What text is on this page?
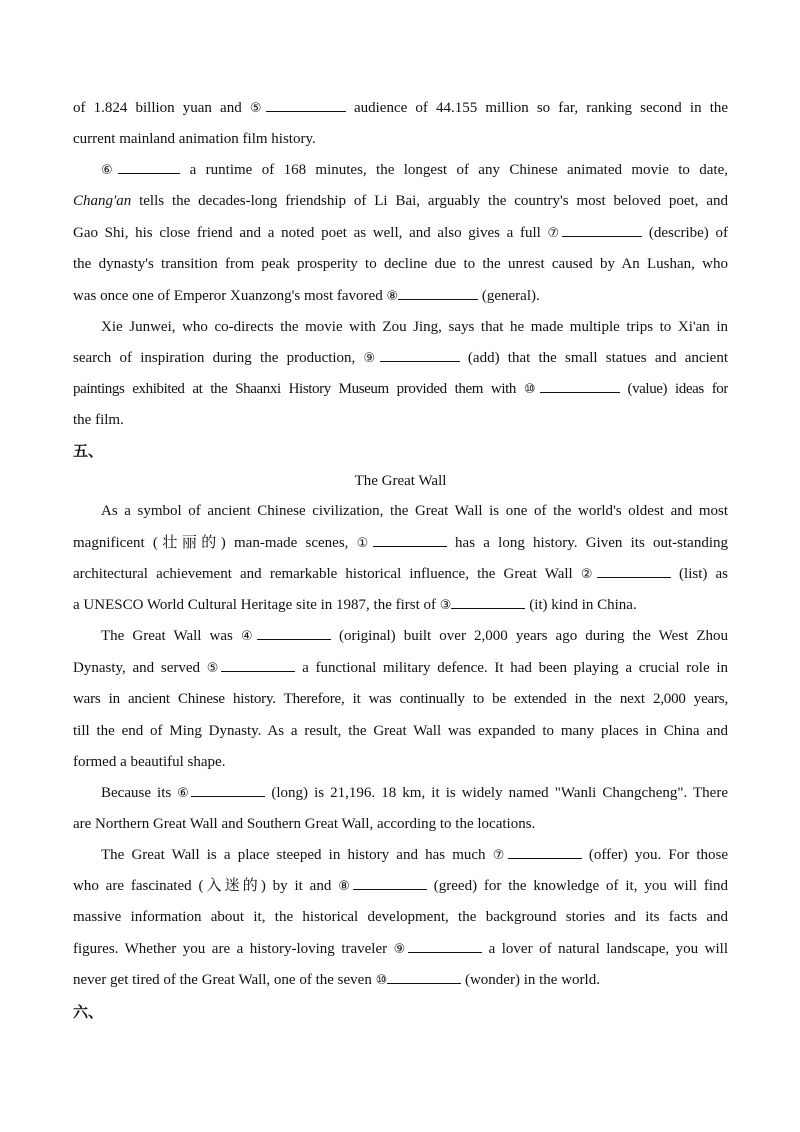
of 1.824 billion yuan and ⑤	audience of 44.155 million so far, ranking second in the
current mainland animation film history.
⑥	a runtime of 168 minutes, the longest of any Chinese animated movie to date,
Chang'an tells the decades-long friendship of Li Bai, arguably the country's most beloved poet, and
Gao Shi, his close friend and a noted poet as well, and also gives a full ⑦	(describe) of
the dynasty's transition from peak prosperity to decline due to the unrest caused by An Lushan, who
was once one of Emperor Xuanzong's most favored ⑧	(general).
Xie Junwei, who co-directs the movie with Zou Jing, says that he made multiple trips to Xi'an in
search of inspiration during the production, ⑨	(add) that the small statues and ancient
paintings exhibited at the Shaanxi History Museum provided them with ⑩	(value) ideas for
the film.
五、
The Great Wall
As a symbol of ancient Chinese civilization, the Great Wall is one of the world's oldest and most
magnificent (壮丽的) man-made scenes, ①	has a long history. Given its out-standing
architectural achievement and remarkable historical influence, the Great Wall ②	(list) as
a UNESCO World Cultural Heritage site in 1987, the first of ③	(it) kind in China.
The Great Wall was ④	(original) built over 2,000 years ago during the West Zhou
Dynasty, and served ⑤	a functional military defence. It had been playing a crucial role in
wars in ancient Chinese history. Therefore, it was continually to be extended in the next 2,000 years,
till the end of Ming Dynasty. As a result, the Great Wall was expanded to many places in China and
formed a beautiful shape.
Because its ⑥	(long) is 21,196. 18 km, it is widely named "Wanli Changcheng". There
are Northern Great Wall and Southern Great Wall, according to the locations.
The Great Wall is a place steeped in history and has much ⑦	(offer) you. For those
who are fascinated (入迷的) by it and ⑧	(greed) for the knowledge of it, you will find
massive information about it, the historical development, the background stories and its facts and
figures. Whether you are a history-loving traveler ⑨	a lover of natural landscape, you will
never get tired of the Great Wall, one of the seven ⑩	(wonder) in the world.
六、
